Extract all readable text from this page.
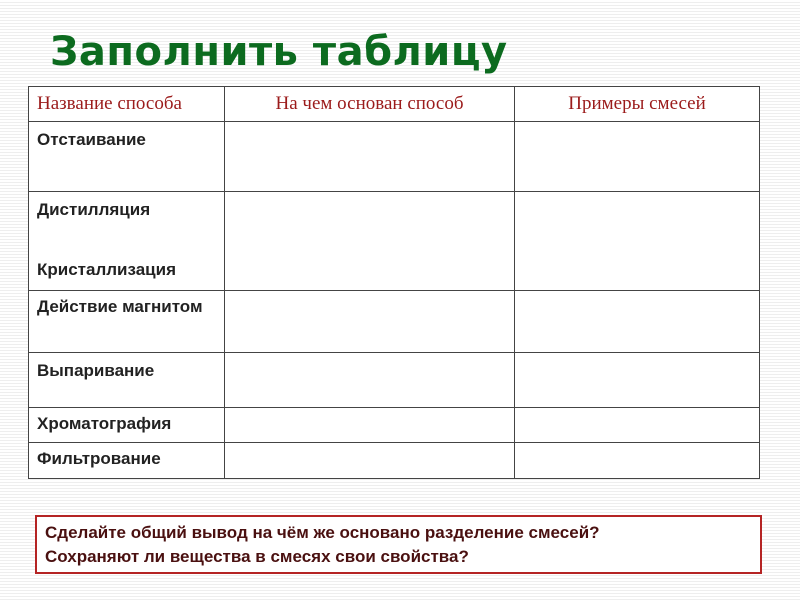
Заполнить таблицу
Название способа	На чем основан способ	Примеры смесей
Отстаивание		

Дистилляция
Кристаллизация		

Действие магнитом		
Выпаривание		
Хроматография		
Фильтрование		
Сделайте общий вывод на чём же основано разделение смесей?
Сохраняют ли вещества в смесях свои свойства?
